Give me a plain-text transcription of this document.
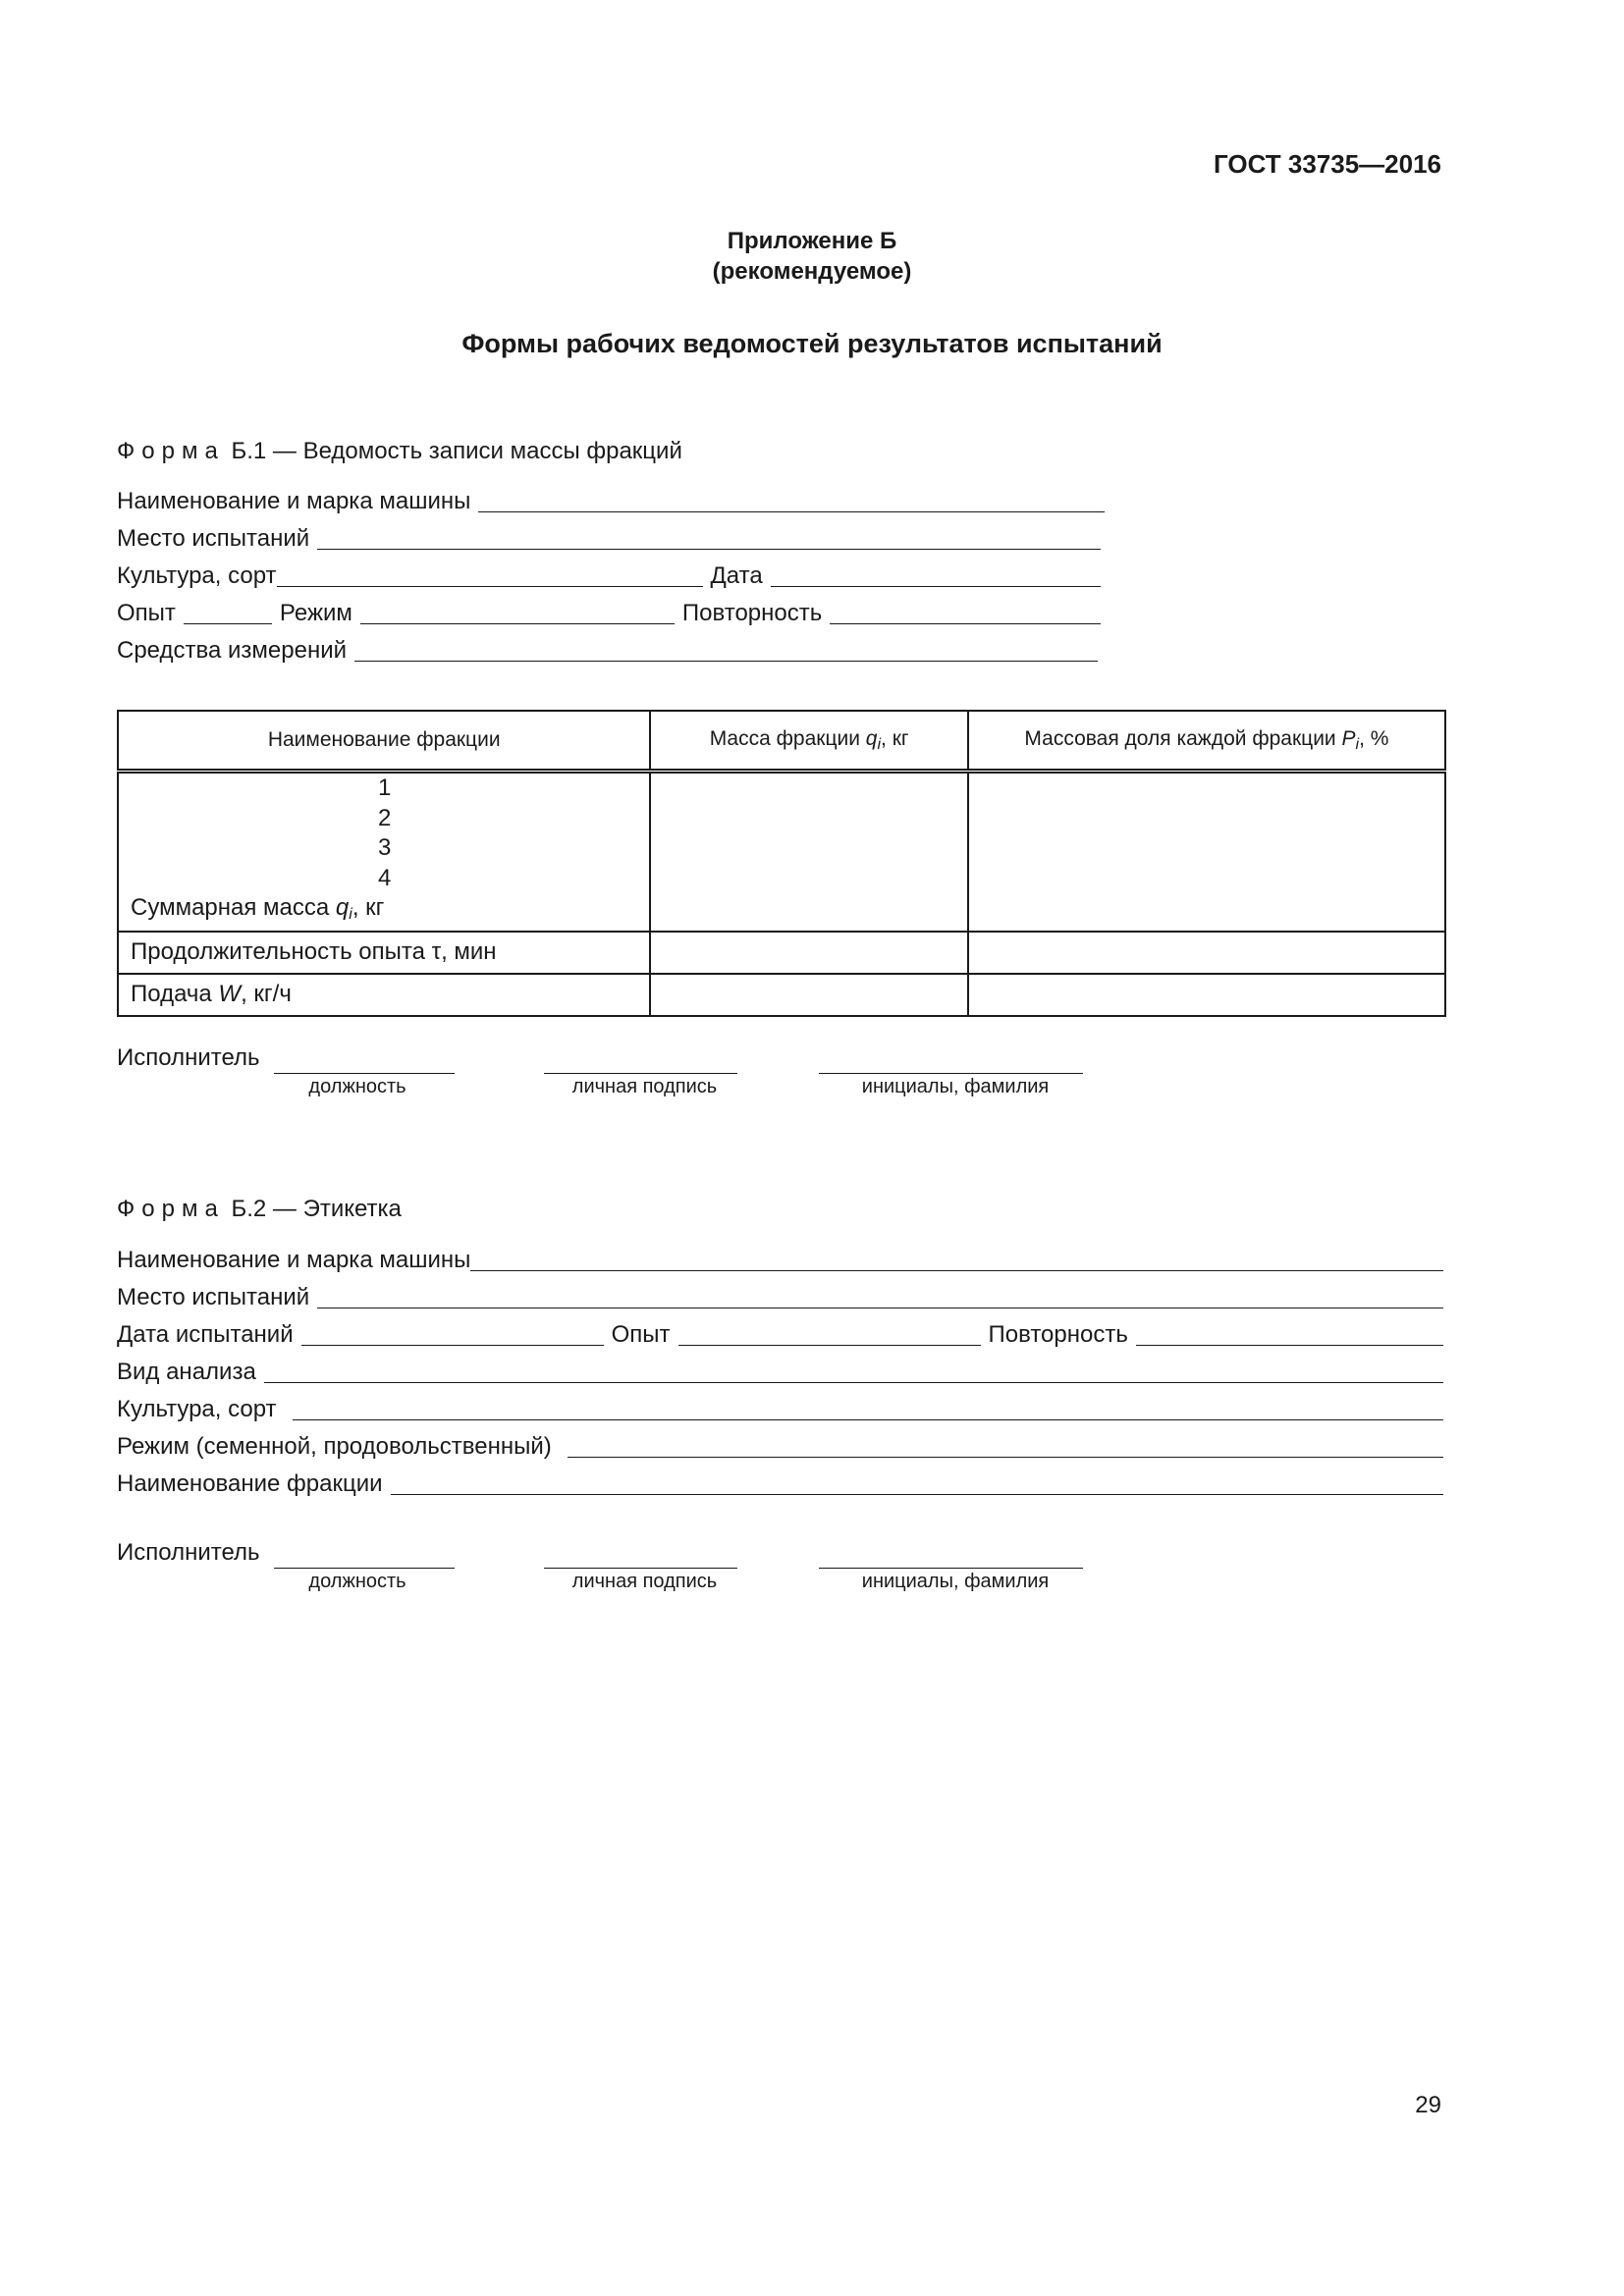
ГОСТ 33735—2016
Приложение Б
(рекомендуемое)
Формы рабочих ведомостей результатов испытаний
Форма Б.1 — Ведомость записи массы фракций
Наименование и марка машины
Место испытаний
Культура, сорт	Дата
Опыт	Режим	Повторность
Средства измерений
Наименование фракции	Масса фракции $q_i$, кг	Массовая доля каждой фракции $P_i$, %

1
2
3
4
Суммарная масса $q_i$, кг		

Продолжительность опыта τ, мин		
Подача W, кг/ч		
Исполнитель
должность	личная подпись	инициалы, фамилия
Форма Б.2 — Этикетка
Наименование и марка машины
Место испытаний
Дата испытаний	Опыт	Повторность
Вид анализа
Культура, сорт
Режим (семенной, продовольственный)
Наименование фракции
Исполнитель
должность	личная подпись	инициалы, фамилия
29
